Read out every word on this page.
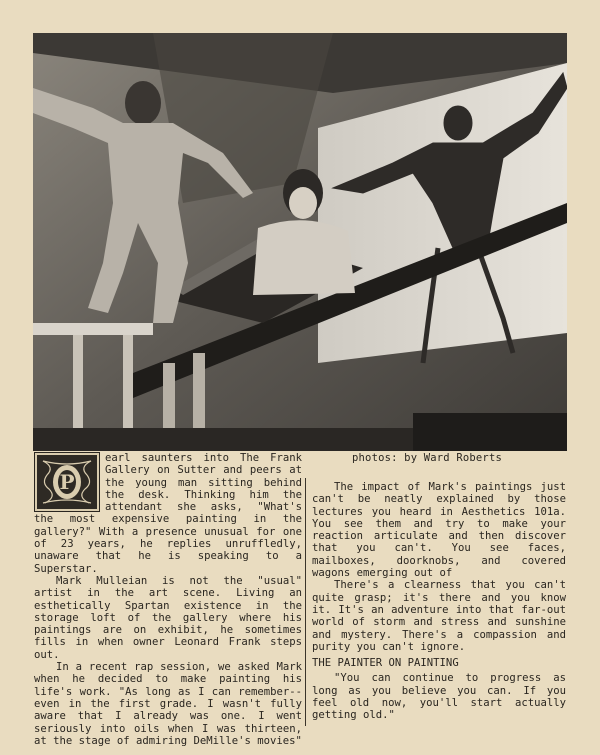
photos: by Ward Roberts
P

earl saunters into The Frank Gallery on Sutter and peers at the young man sitting behind the desk. Thinking him the attendant she asks, "What's the most expensive painting in the gallery?" With a presence unusual for one of 23 years, he replies unruffledly, unaware that he is speaking to a Superstar.

Mark Mulleian is not the "usual" artist in the art scene. Living an esthetically Spartan existence in the storage loft of the gallery where his paintings are on exhibit, he sometimes fills in when owner Leonard Frank steps out.

In a recent rap session, we asked Mark when he decided to make painting his life's work. "As long as I can remember-- even in the first grade. I wasn't fully aware that I already was one. I went seriously into oils when I was thirteen, at the stage of admiring DeMille's movies"

The impact of Mark's paintings just can't be neatly explained by those lectures you heard in Aesthetics 101a. You see them and try to make your reaction articulate and then discover that you can't. You see faces, mailboxes, doorknobs, and covered wagons emerging out of

There's a clearness that you can't quite grasp; it's there and you know it. It's an adventure into that far-out world of storm and stress and sunshine and mystery. There's a compassion and purity you can't ignore.

THE PAINTER ON PAINTING

"You can continue to progress as long as you believe you can. If you feel old now, you'll start actually getting old."
